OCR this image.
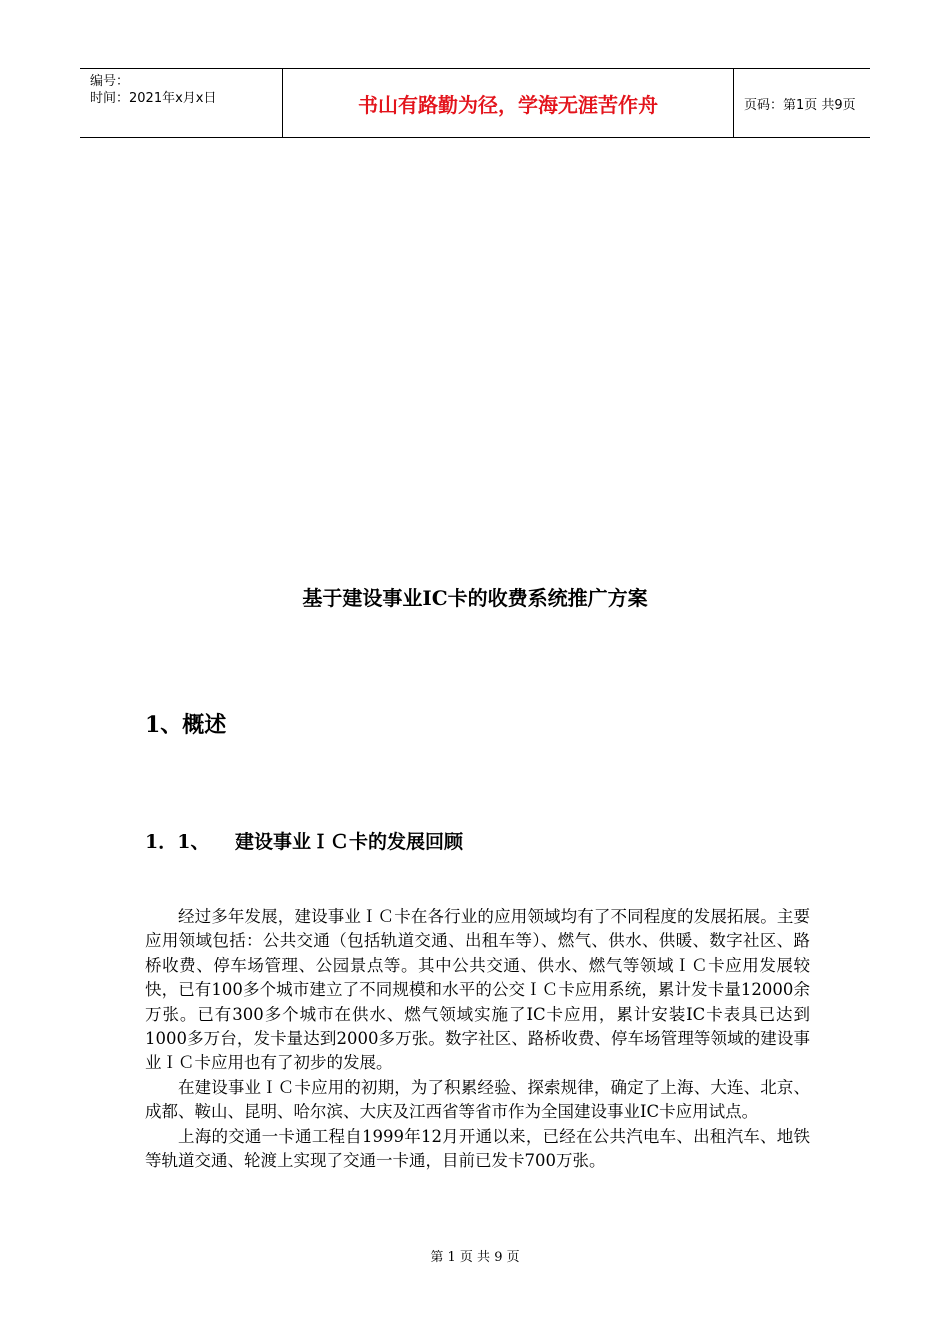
编号：
时间：2021年x月x日	书山有路勤为径，学海无涯苦作舟	页码：第1页 共9页
基于建设事业IC卡的收费系统推广方案
1、概述
1．1、 建设事业ＩＣ卡的发展回顾

经过多年发展，建设事业ＩＣ卡在各行业的应用领域均有了不同程度的发展拓展。主要应用领域包括：公共交通（包括轨道交通、出租车等）、燃气、供水、供暖、数字社区、路桥收费、停车场管理、公园景点等。其中公共交通、供水、燃气等领域ＩＣ卡应用发展较快，已有100多个城市建立了不同规模和水平的公交ＩＣ卡应用系统，累计发卡量12000余万张。已有300多个城市在供水、燃气领域实施了IC卡应用，累计安装IC卡表具已达到1000多万台，发卡量达到2000多万张。数字社区、路桥收费、停车场管理等领域的建设事业ＩＣ卡应用也有了初步的发展。

在建设事业ＩＣ卡应用的初期，为了积累经验、探索规律，确定了上海、大连、北京、成都、鞍山、昆明、哈尔滨、大庆及江西省等省市作为全国建设事业IC卡应用试点。

上海的交通一卡通工程自1999年12月开通以来，已经在公共汽电车、出租汽车、地铁等轨道交通、轮渡上实现了交通一卡通，目前已发卡700万张。

第 1 页 共 9 页
